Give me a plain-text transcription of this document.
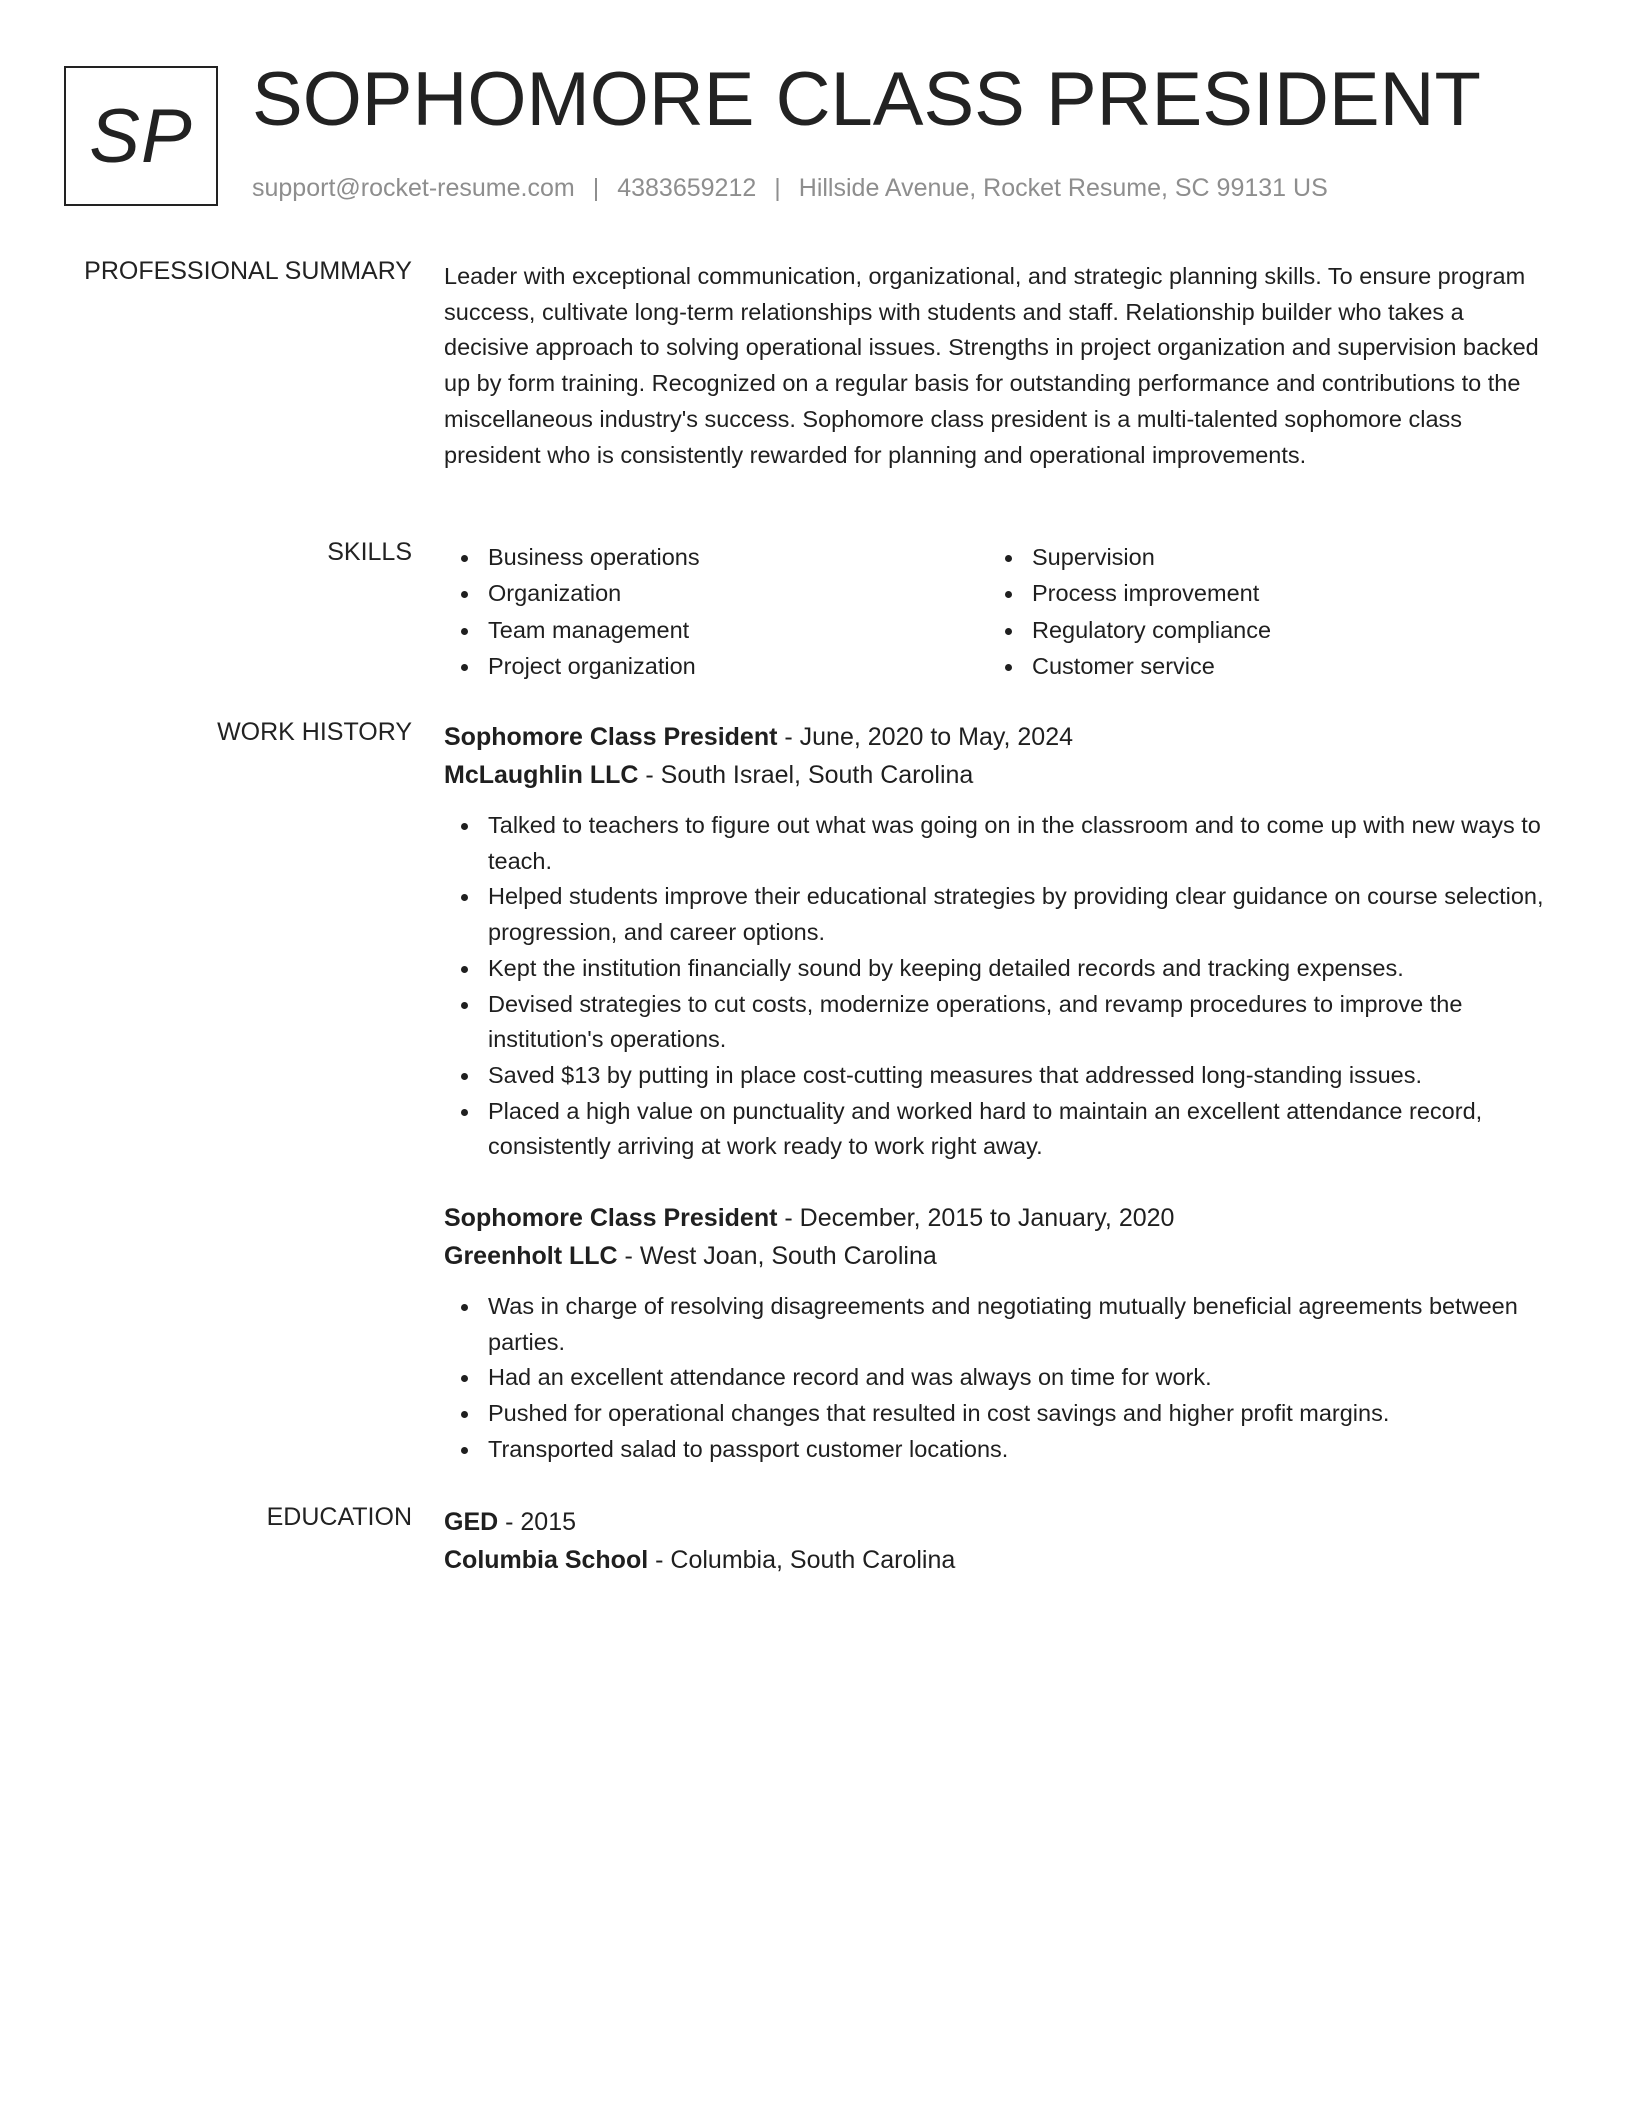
SP SOPHOMORE CLASS PRESIDENT
support@rocket-resume.com | 4383659212 | Hillside Avenue, Rocket Resume, SC 99131 US
PROFESSIONAL SUMMARY Leader with exceptional communication, organizational, and strategic planning skills. To ensure program success, cultivate long-term relationships with students and staff. Relationship builder who takes a decisive approach to solving operational issues. Strengths in project organization and supervision backed up by form training. Recognized on a regular basis for outstanding performance and contributions to the miscellaneous industry's success. Sophomore class president is a multi-talented sophomore class president who is consistently rewarded for planning and operational improvements.

SKILLS	Business operations
Organization
Team management
Project organization
Supervision
Process improvement
Regulatory compliance
Customer service
WORK HISTORY Sophomore Class President - June, 2020 to May, 2024
McLaughlin LLC - South Israel, South Carolina
Talked to teachers to figure out what was going on in the classroom and to come up with new ways to teach.
Helped students improve their educational strategies by providing clear guidance on course selection, progression, and career options.
Kept the institution financially sound by keeping detailed records and tracking expenses.
Devised strategies to cut costs, modernize operations, and revamp procedures to improve the institution's operations.
Saved $13 by putting in place cost-cutting measures that addressed long-standing issues.
Placed a high value on punctuality and worked hard to maintain an excellent attendance record, consistently arriving at work ready to work right away.
Sophomore Class President - December, 2015 to January, 2020
Greenholt LLC - West Joan, South Carolina
Was in charge of resolving disagreements and negotiating mutually beneficial agreements between parties.
Had an excellent attendance record and was always on time for work.
Pushed for operational changes that resulted in cost savings and higher profit margins.
Transported salad to passport customer locations.
EDUCATION GED - 2015
Columbia School - Columbia, South Carolina
